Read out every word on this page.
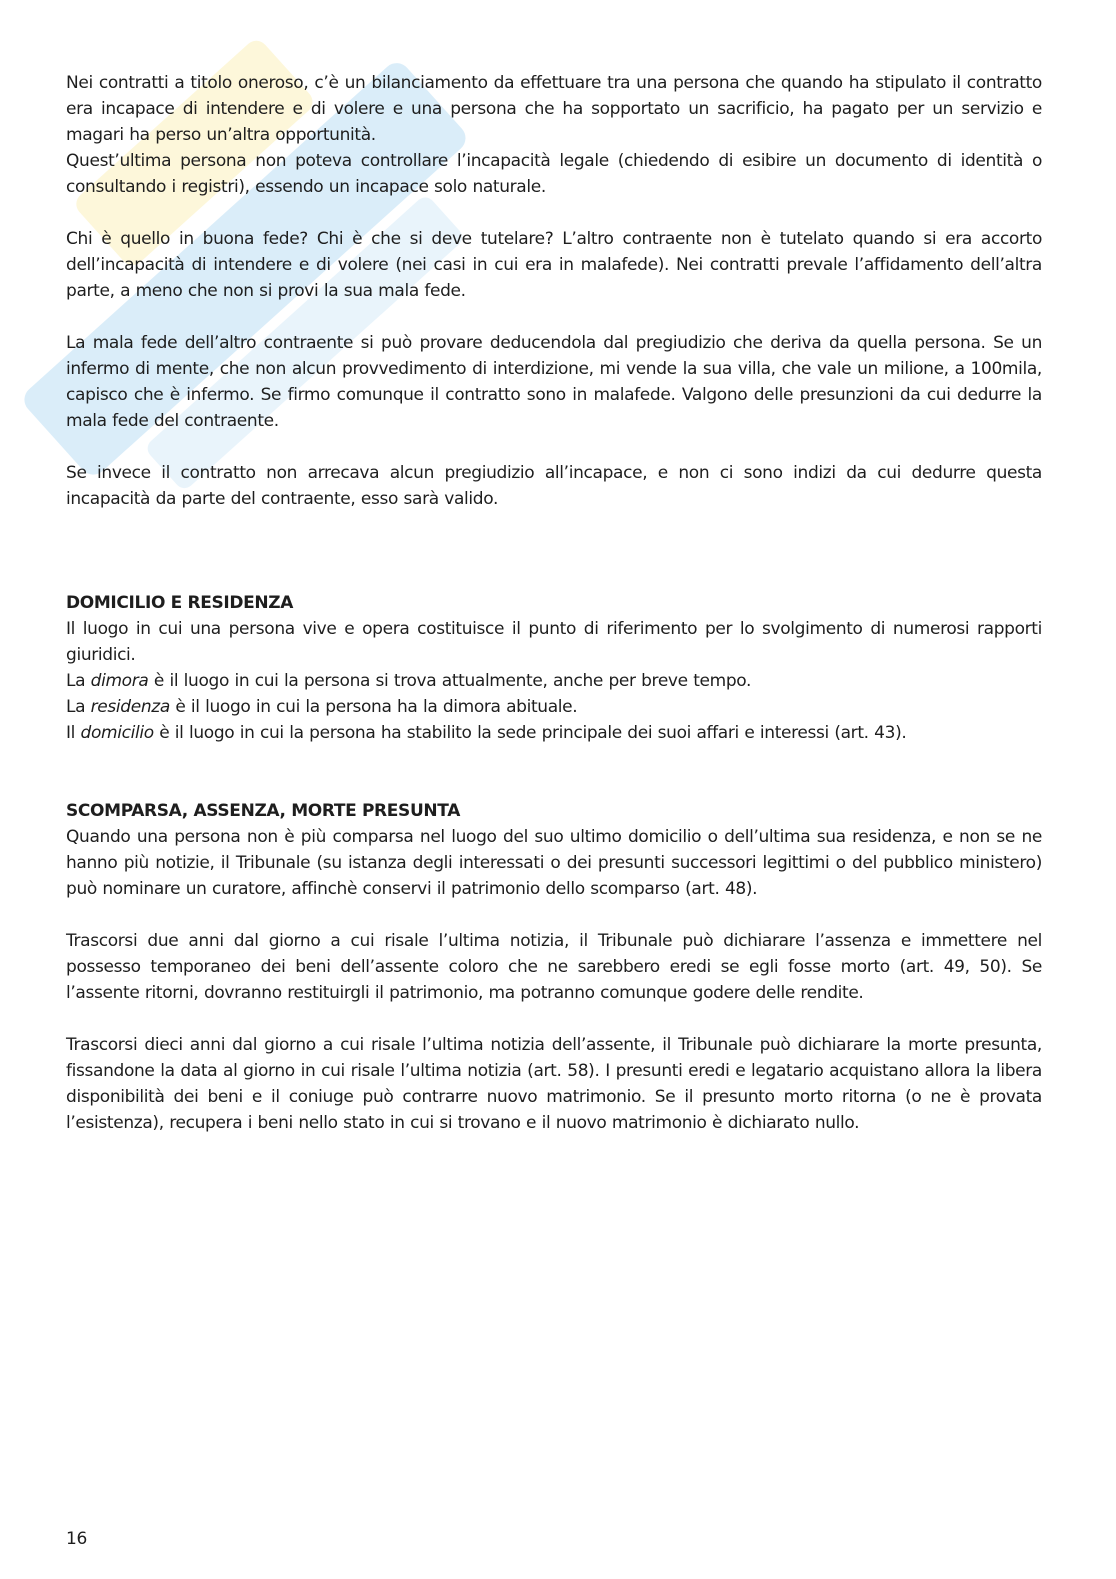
Nei contratti a titolo oneroso, c’è un bilanciamento da effettuare tra una persona che quando ha stipulato il contratto era incapace di intendere e di volere e una persona che ha sopportato un sacrificio, ha pagato per un servizio e magari ha perso un’altra opportunità.

Quest’ultima persona non poteva controllare l’incapacità legale (chiedendo di esibire un documento di identità o consultando i registri), essendo un incapace solo naturale.

Chi è quello in buona fede? Chi è che si deve tutelare? L’altro contraente non è tutelato quando si era accorto dell’incapacità di intendere e di volere (nei casi in cui era in malafede). Nei contratti prevale l’affidamento dell’altra parte, a meno che non si provi la sua mala fede.

La mala fede dell’altro contraente si può provare deducendola dal pregiudizio che deriva da quella persona. Se un infermo di mente, che non alcun provvedimento di interdizione, mi vende la sua villa, che vale un milione, a 100mila, capisco che è infermo. Se firmo comunque il contratto sono in malafede. Valgono delle presunzioni da cui dedurre la mala fede del contraente.

Se invece il contratto non arrecava alcun pregiudizio all’incapace, e non ci sono indizi da cui dedurre questa incapacità da parte del contraente, esso sarà valido.

DOMICILIO E RESIDENZA

Il luogo in cui una persona vive e opera costituisce il punto di riferimento per lo svolgimento di numerosi rapporti giuridici.

La dimora è il luogo in cui la persona si trova attualmente, anche per breve tempo.

La residenza è il luogo in cui la persona ha la dimora abituale.

Il domicilio è il luogo in cui la persona ha stabilito la sede principale dei suoi affari e interessi (art. 43).

SCOMPARSA, ASSENZA, MORTE PRESUNTA

Quando una persona non è più comparsa nel luogo del suo ultimo domicilio o dell’ultima sua residenza, e non se ne hanno più notizie, il Tribunale (su istanza degli interessati o dei presunti successori legittimi o del pubblico ministero) può nominare un curatore, affinchè conservi il patrimonio dello scomparso (art. 48).

Trascorsi due anni dal giorno a cui risale l’ultima notizia, il Tribunale può dichiarare l’assenza e immettere nel possesso temporaneo dei beni dell’assente coloro che ne sarebbero eredi se egli fosse morto (art. 49, 50). Se l’assente ritorni, dovranno restituirgli il patrimonio, ma potranno comunque godere delle rendite.

Trascorsi dieci anni dal giorno a cui risale l’ultima notizia dell’assente, il Tribunale può dichiarare la morte presunta, fissandone la data al giorno in cui risale l’ultima notizia (art. 58). I presunti eredi e legatario acquistano allora la libera disponibilità dei beni e il coniuge può contrarre nuovo matrimonio. Se il presunto morto ritorna (o ne è provata l’esistenza), recupera i beni nello stato in cui si trovano e il nuovo matrimonio è dichiarato nullo.

16
